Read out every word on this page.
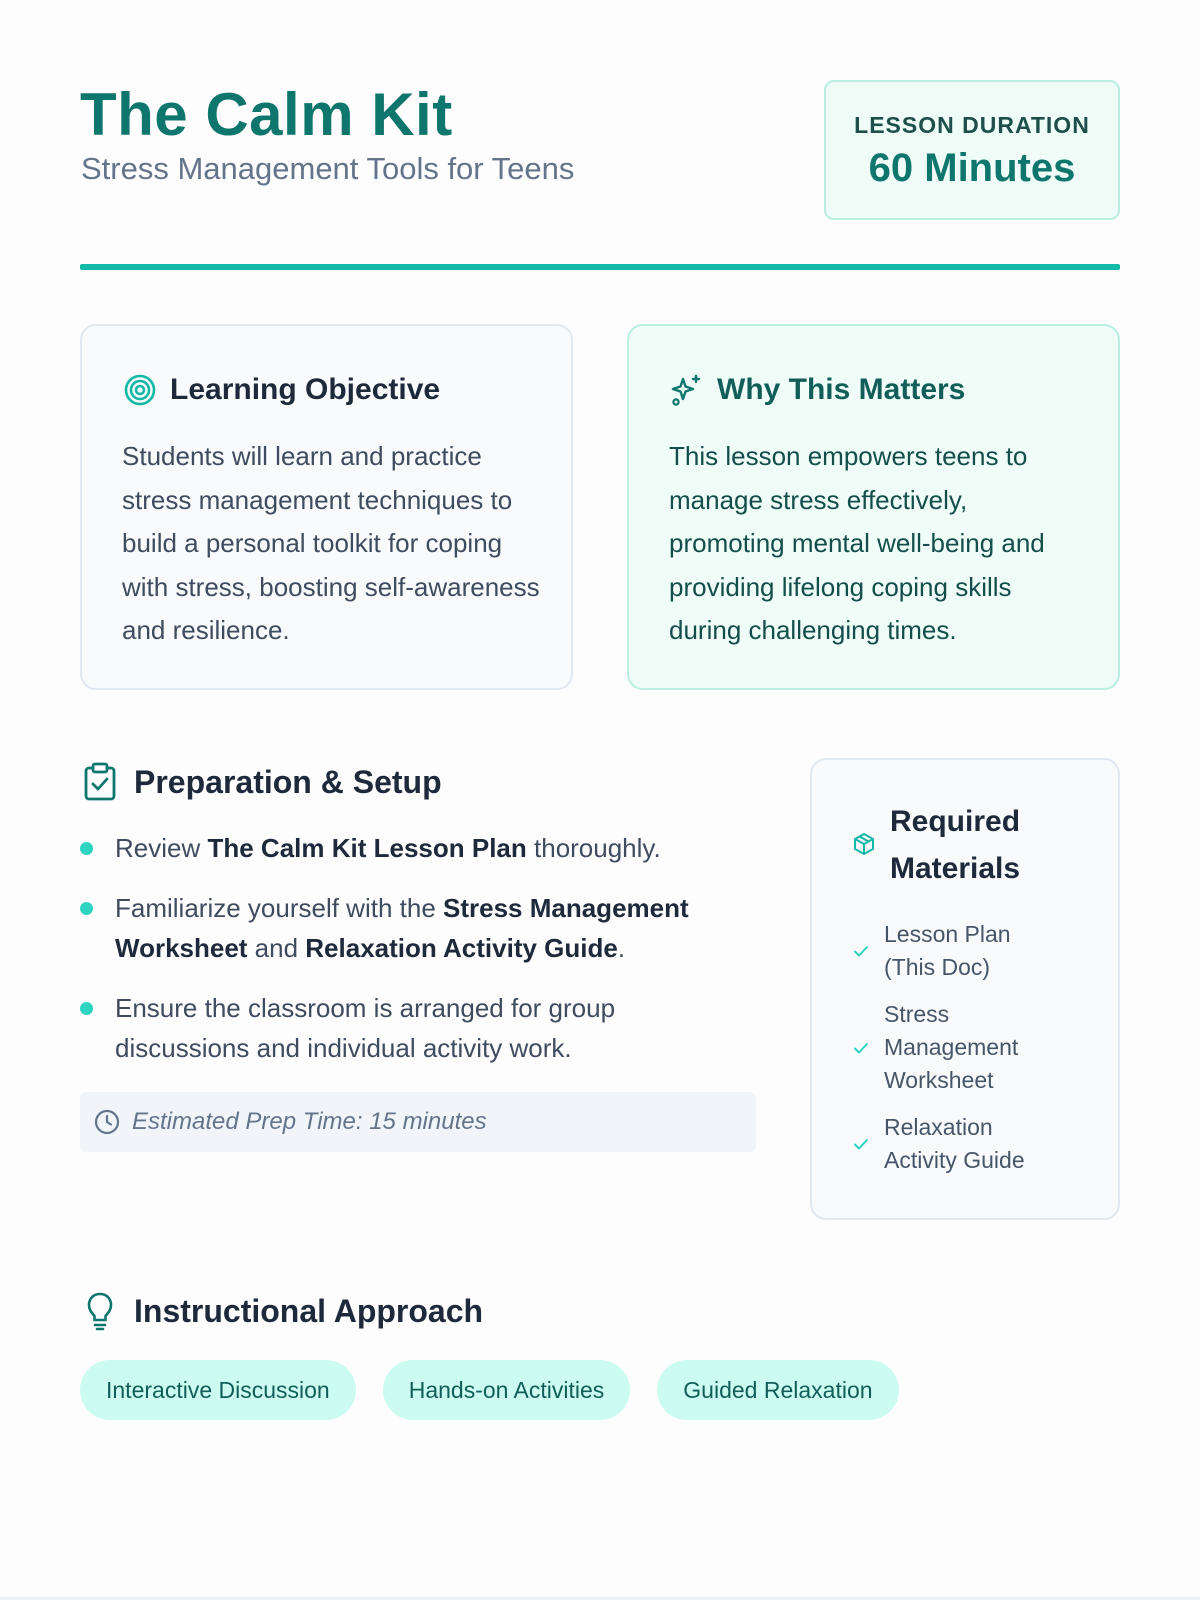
The Calm Kit

Stress Management Tools for Teens

LESSON DURATION
60 Minutes
Learning Objective

Students will learn and practice stress management techniques to build a personal toolkit for coping with stress, boosting self-awareness and resilience.

Why This Matters

This lesson empowers teens to manage stress effectively, promoting mental well-being and providing lifelong coping skills during challenging times.

Preparation & Setup
Review The Calm Kit Lesson Plan thoroughly.
Familiarize yourself with the Stress Management Worksheet and Relaxation Activity Guide.
Ensure the classroom is arranged for group discussions and individual activity work.
Estimated Prep Time: 15 minutes
Required Materials
Lesson Plan (This Doc)
Stress Management Worksheet
Relaxation Activity Guide
Instructional Approach
Interactive Discussion	Hands-on Activities	Guided Relaxation
